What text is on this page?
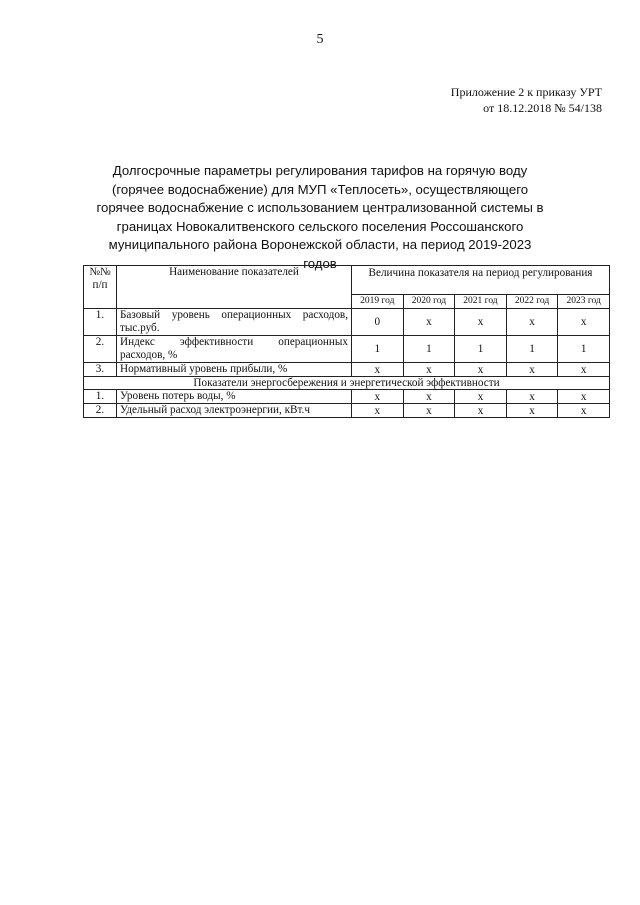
5
Приложение 2 к приказу УРТ
от 18.12.2018 № 54/138
Долгосрочные параметры регулирования тарифов на горячую воду (горячее водоснабжение) для МУП «Теплосеть», осуществляющего горячее водоснабжение с использованием централизованной системы в границах Новокалитвенского сельского поселения Россошанского муниципального района Воронежской области, на период 2019-2023 годов
№№ п/п	Наименование показателей	Величина показателя на период регулирования				
		2019 год	2020 год	2021 год	2022 год	2023 год
1.	Базовый уровень операционных расходов, тыс.руб.	0	х	х	х	х
2.	Индекс эффективности операционных расходов, %	1	1	1	1	1
3.	Нормативный уровень прибыли, %	х	х	х	х	х
Показатели энергосбережения и энергетической эффективности						
1.	Уровень потерь воды, %	х	х	х	х	х
2.	Удельный расход электроэнергии, кВт.ч	х	х	х	х	х
